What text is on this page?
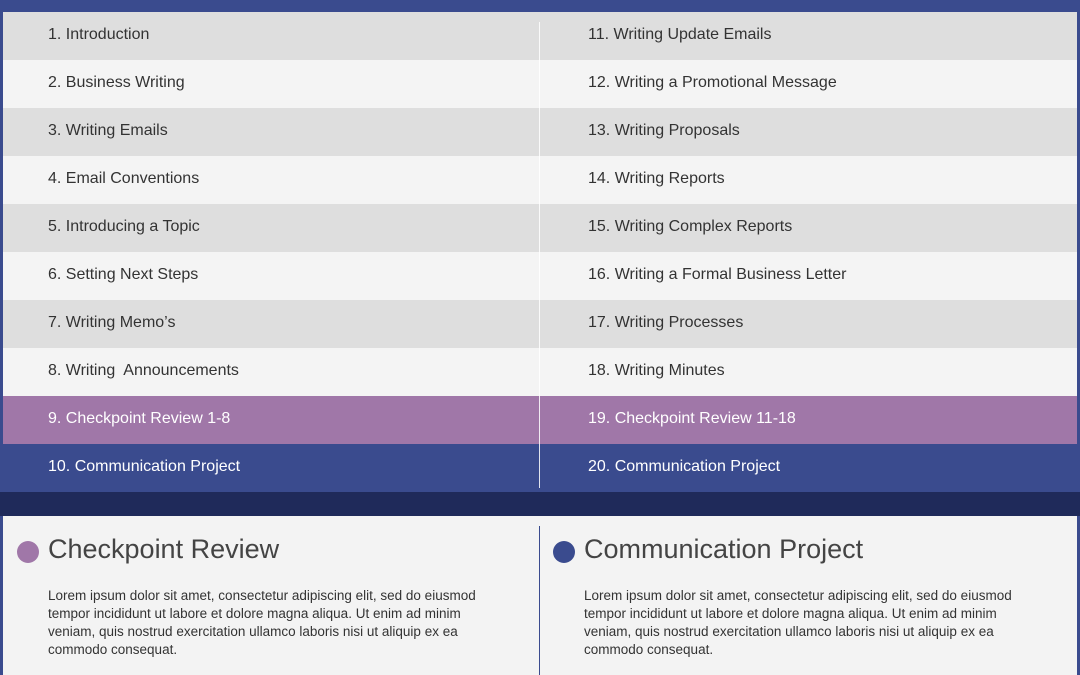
1. Introduction	11. Writing Update Emails
2. Business Writing	12. Writing a Promotional Message
3. Writing Emails	13. Writing Proposals
4. Email Conventions	14. Writing Reports
5. Introducing a Topic	15. Writing Complex Reports
6. Setting Next Steps	16. Writing a Formal Business Letter
7. Writing Memo’s	17. Writing Processes
8. Writing  Announcements	18. Writing Minutes
9. Checkpoint Review 1-8	19. Checkpoint Review 11-18
10. Communication Project	20. Communication Project
Checkpoint Review
Lorem ipsum dolor sit amet, consectetur adipiscing elit, sed do eiusmod tempor incididunt ut labore et dolore magna aliqua. Ut enim ad minim veniam, quis nostrud exercitation ullamco laboris nisi ut aliquip ex ea commodo consequat.
Communication Project
Lorem ipsum dolor sit amet, consectetur adipiscing elit, sed do eiusmod tempor incididunt ut labore et dolore magna aliqua. Ut enim ad minim veniam, quis nostrud exercitation ullamco laboris nisi ut aliquip ex ea commodo consequat.
